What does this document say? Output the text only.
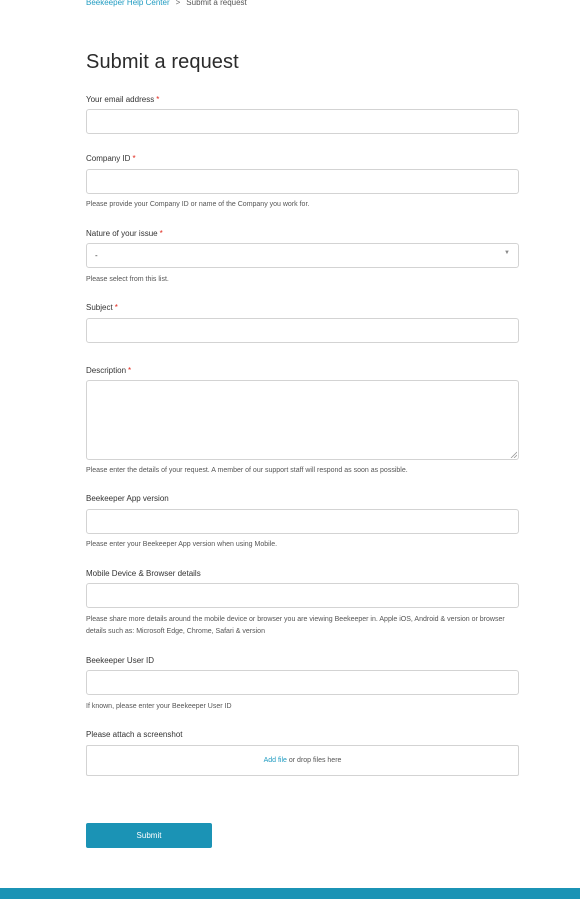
Beekeeper Help Center > Submit a request
Submit a request
Your email address *
Company ID *
Please provide your Company ID or name of the Company you work for.
Nature of your issue *
-	▼
Please select from this list.
Subject *
Description *
Please enter the details of your request. A member of our support staff will respond as soon as possible.
Beekeeper App version
Please enter your Beekeeper App version when using Mobile.
Mobile Device & Browser details
Please share more details around the mobile device or browser you are viewing Beekeeper in. Apple iOS, Android & version or browser details such as: Microsoft Edge, Chrome, Safari & version
Beekeeper User ID
If known, please enter your Beekeeper User ID
Please attach a screenshot
Add file or drop files here
Submit
